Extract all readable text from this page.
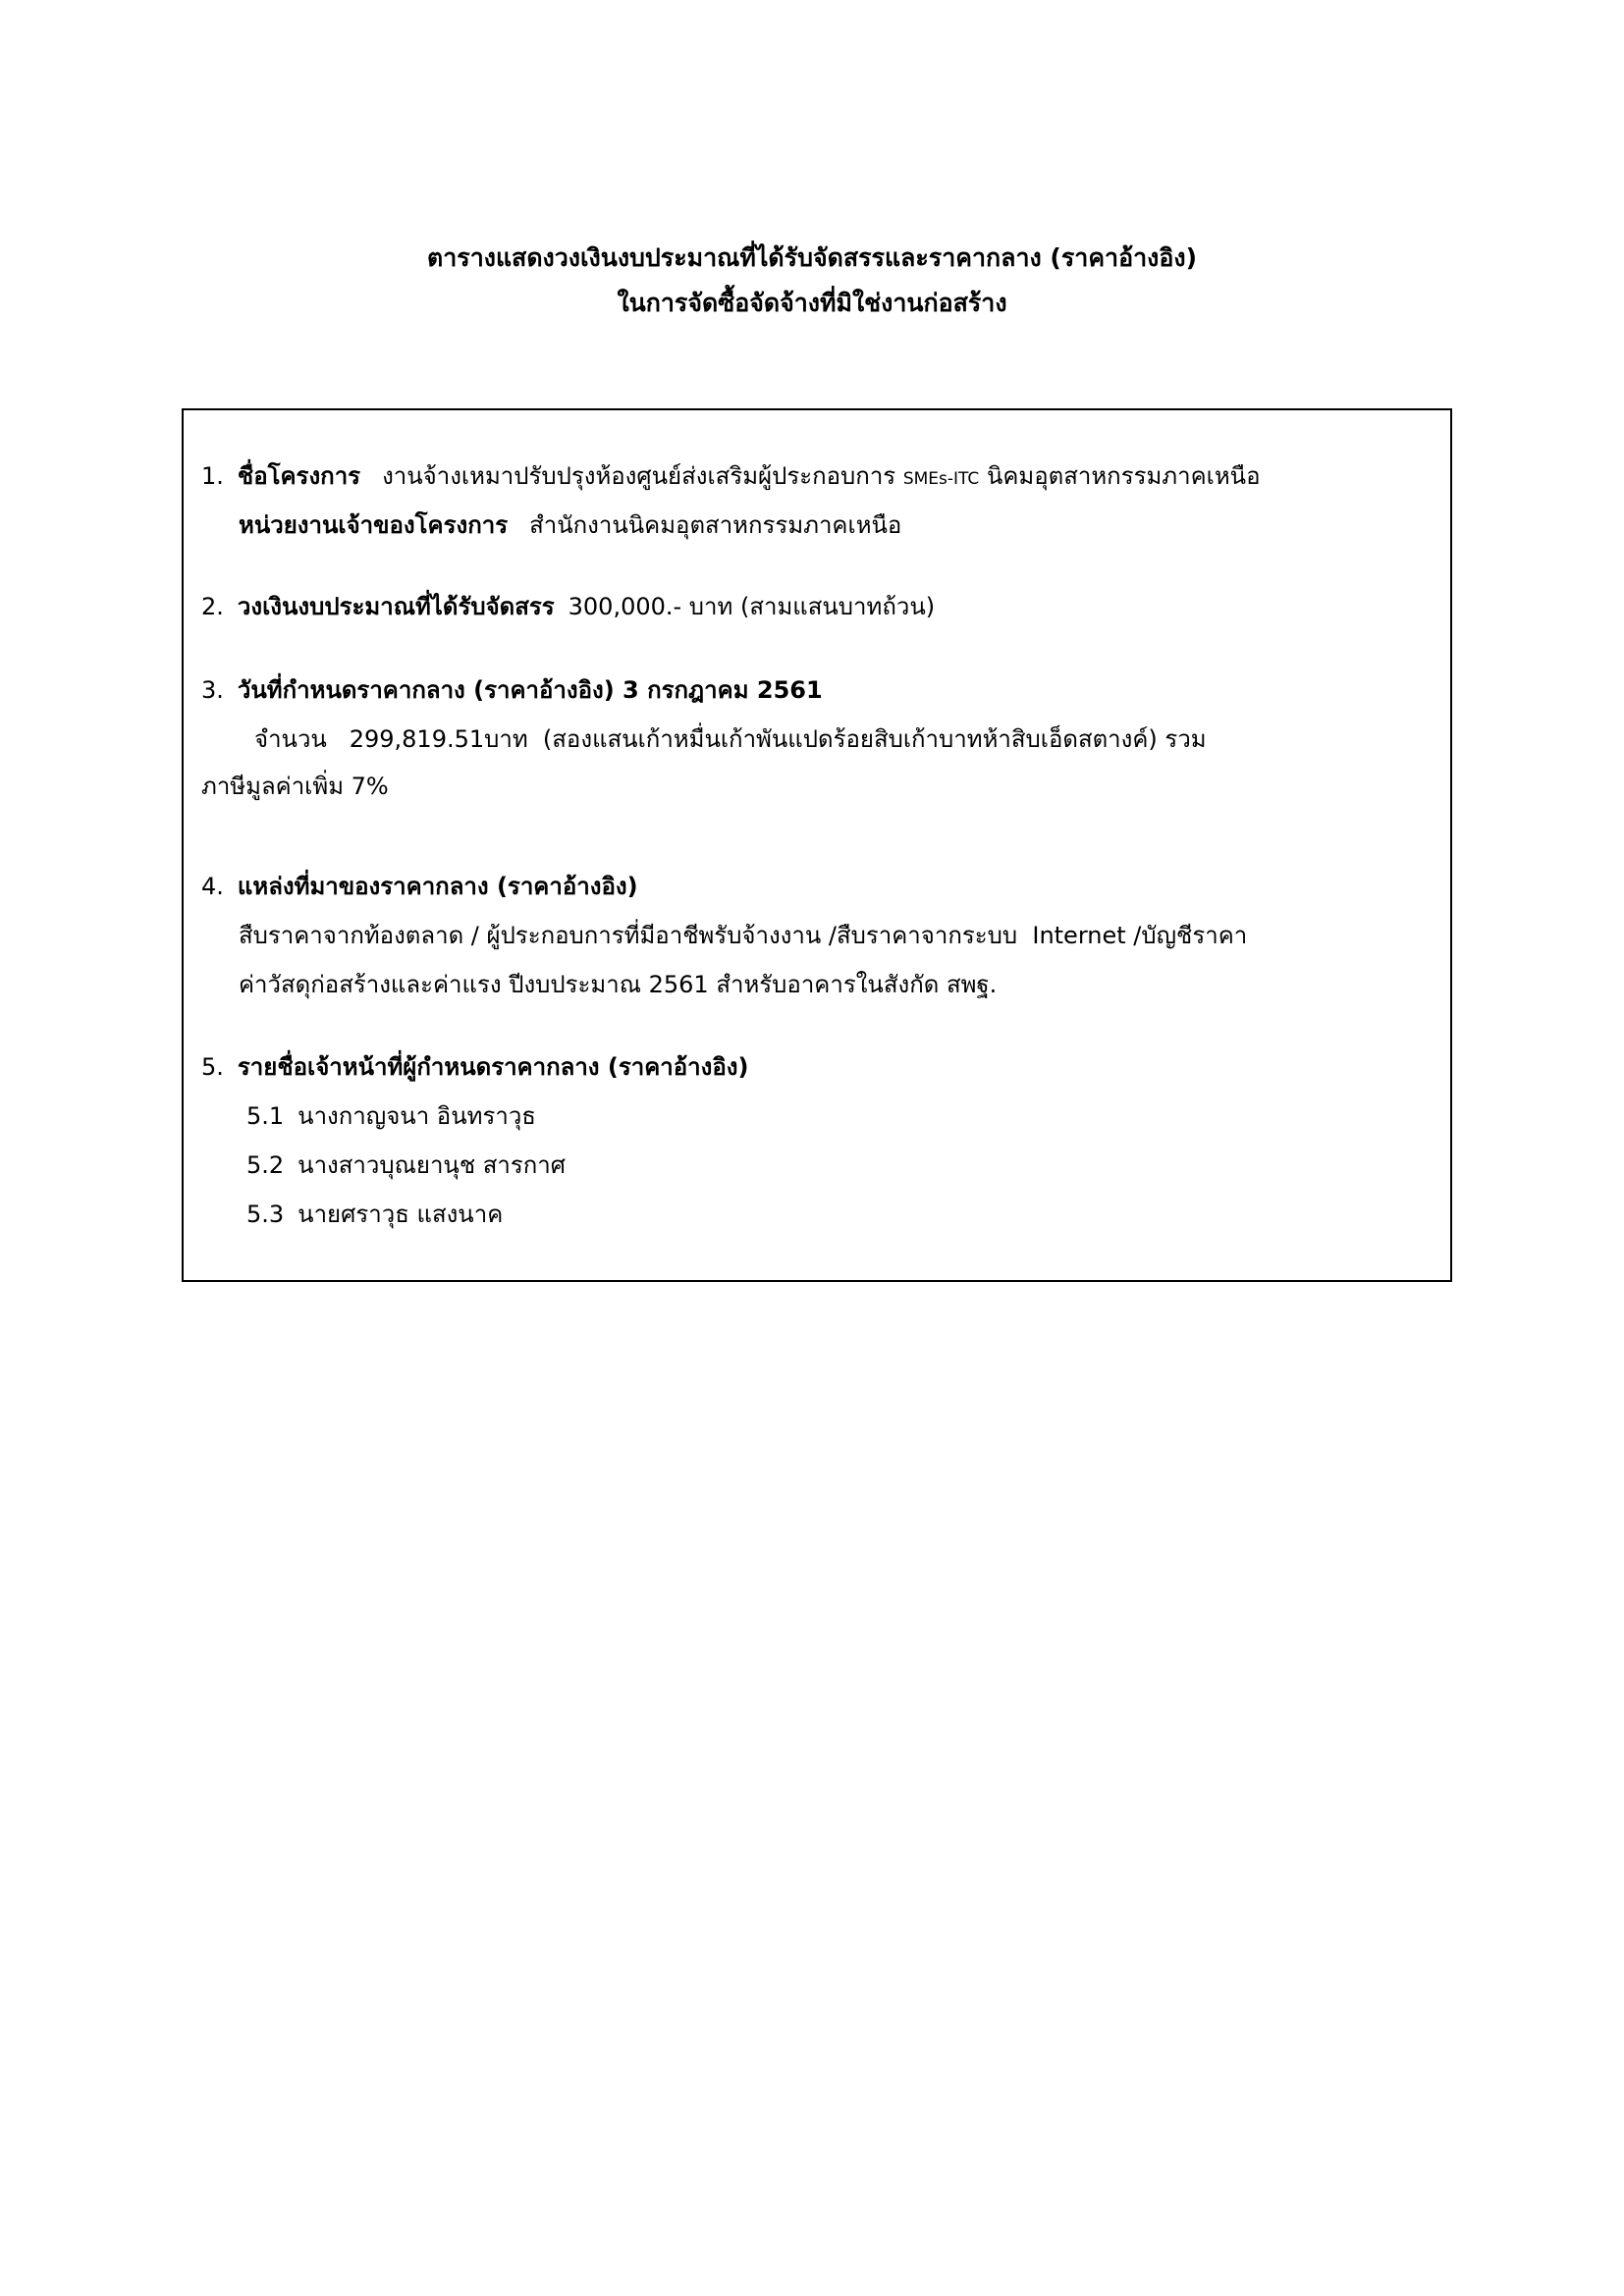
ตารางแสดงวงเงินงบประมาณที่ได้รับจัดสรรและราคากลาง (ราคาอ้างอิง)
ในการจัดซื้อจัดจ้างที่มิใช่งานก่อสร้าง
1. ชื่อโครงการ งานจ้างเหมาปรับปรุงห้องศูนย์ส่งเสริมผู้ประกอบการ SMEs-ITC นิคมอุตสาหกรรมภาคเหนือ
หน่วยงานเจ้าของโครงการ สำนักงานนิคมอุตสาหกรรมภาคเหนือ
2. วงเงินงบประมาณที่ได้รับจัดสรร 300,000.- บาท (สามแสนบาทถ้วน)
3. วันที่กำหนดราคากลาง (ราคาอ้างอิง) 3 กรกฎาคม 2561
จำนวน   299,819.51บาท  (สองแสนเก้าหมื่นเก้าพันแปดร้อยสิบเก้าบาทห้าสิบเอ็ดสตางค์) รวม
ภาษีมูลค่าเพิ่ม 7%
4. แหล่งที่มาของราคากลาง (ราคาอ้างอิง)
สืบราคาจากท้องตลาด / ผู้ประกอบการที่มีอาชีพรับจ้างงาน /สืบราคาจากระบบ  Internet /บัญชีราคา
ค่าวัสดุก่อสร้างและค่าแรง ปีงบประมาณ 2561 สำหรับอาคารในสังกัด สพฐ.
5. รายชื่อเจ้าหน้าที่ผู้กำหนดราคากลาง (ราคาอ้างอิง)
5.1 นางกาญจนา อินทราวุธ
5.2 นางสาวบุณยานุช สารกาศ
5.3 นายศราวุธ แสงนาค
